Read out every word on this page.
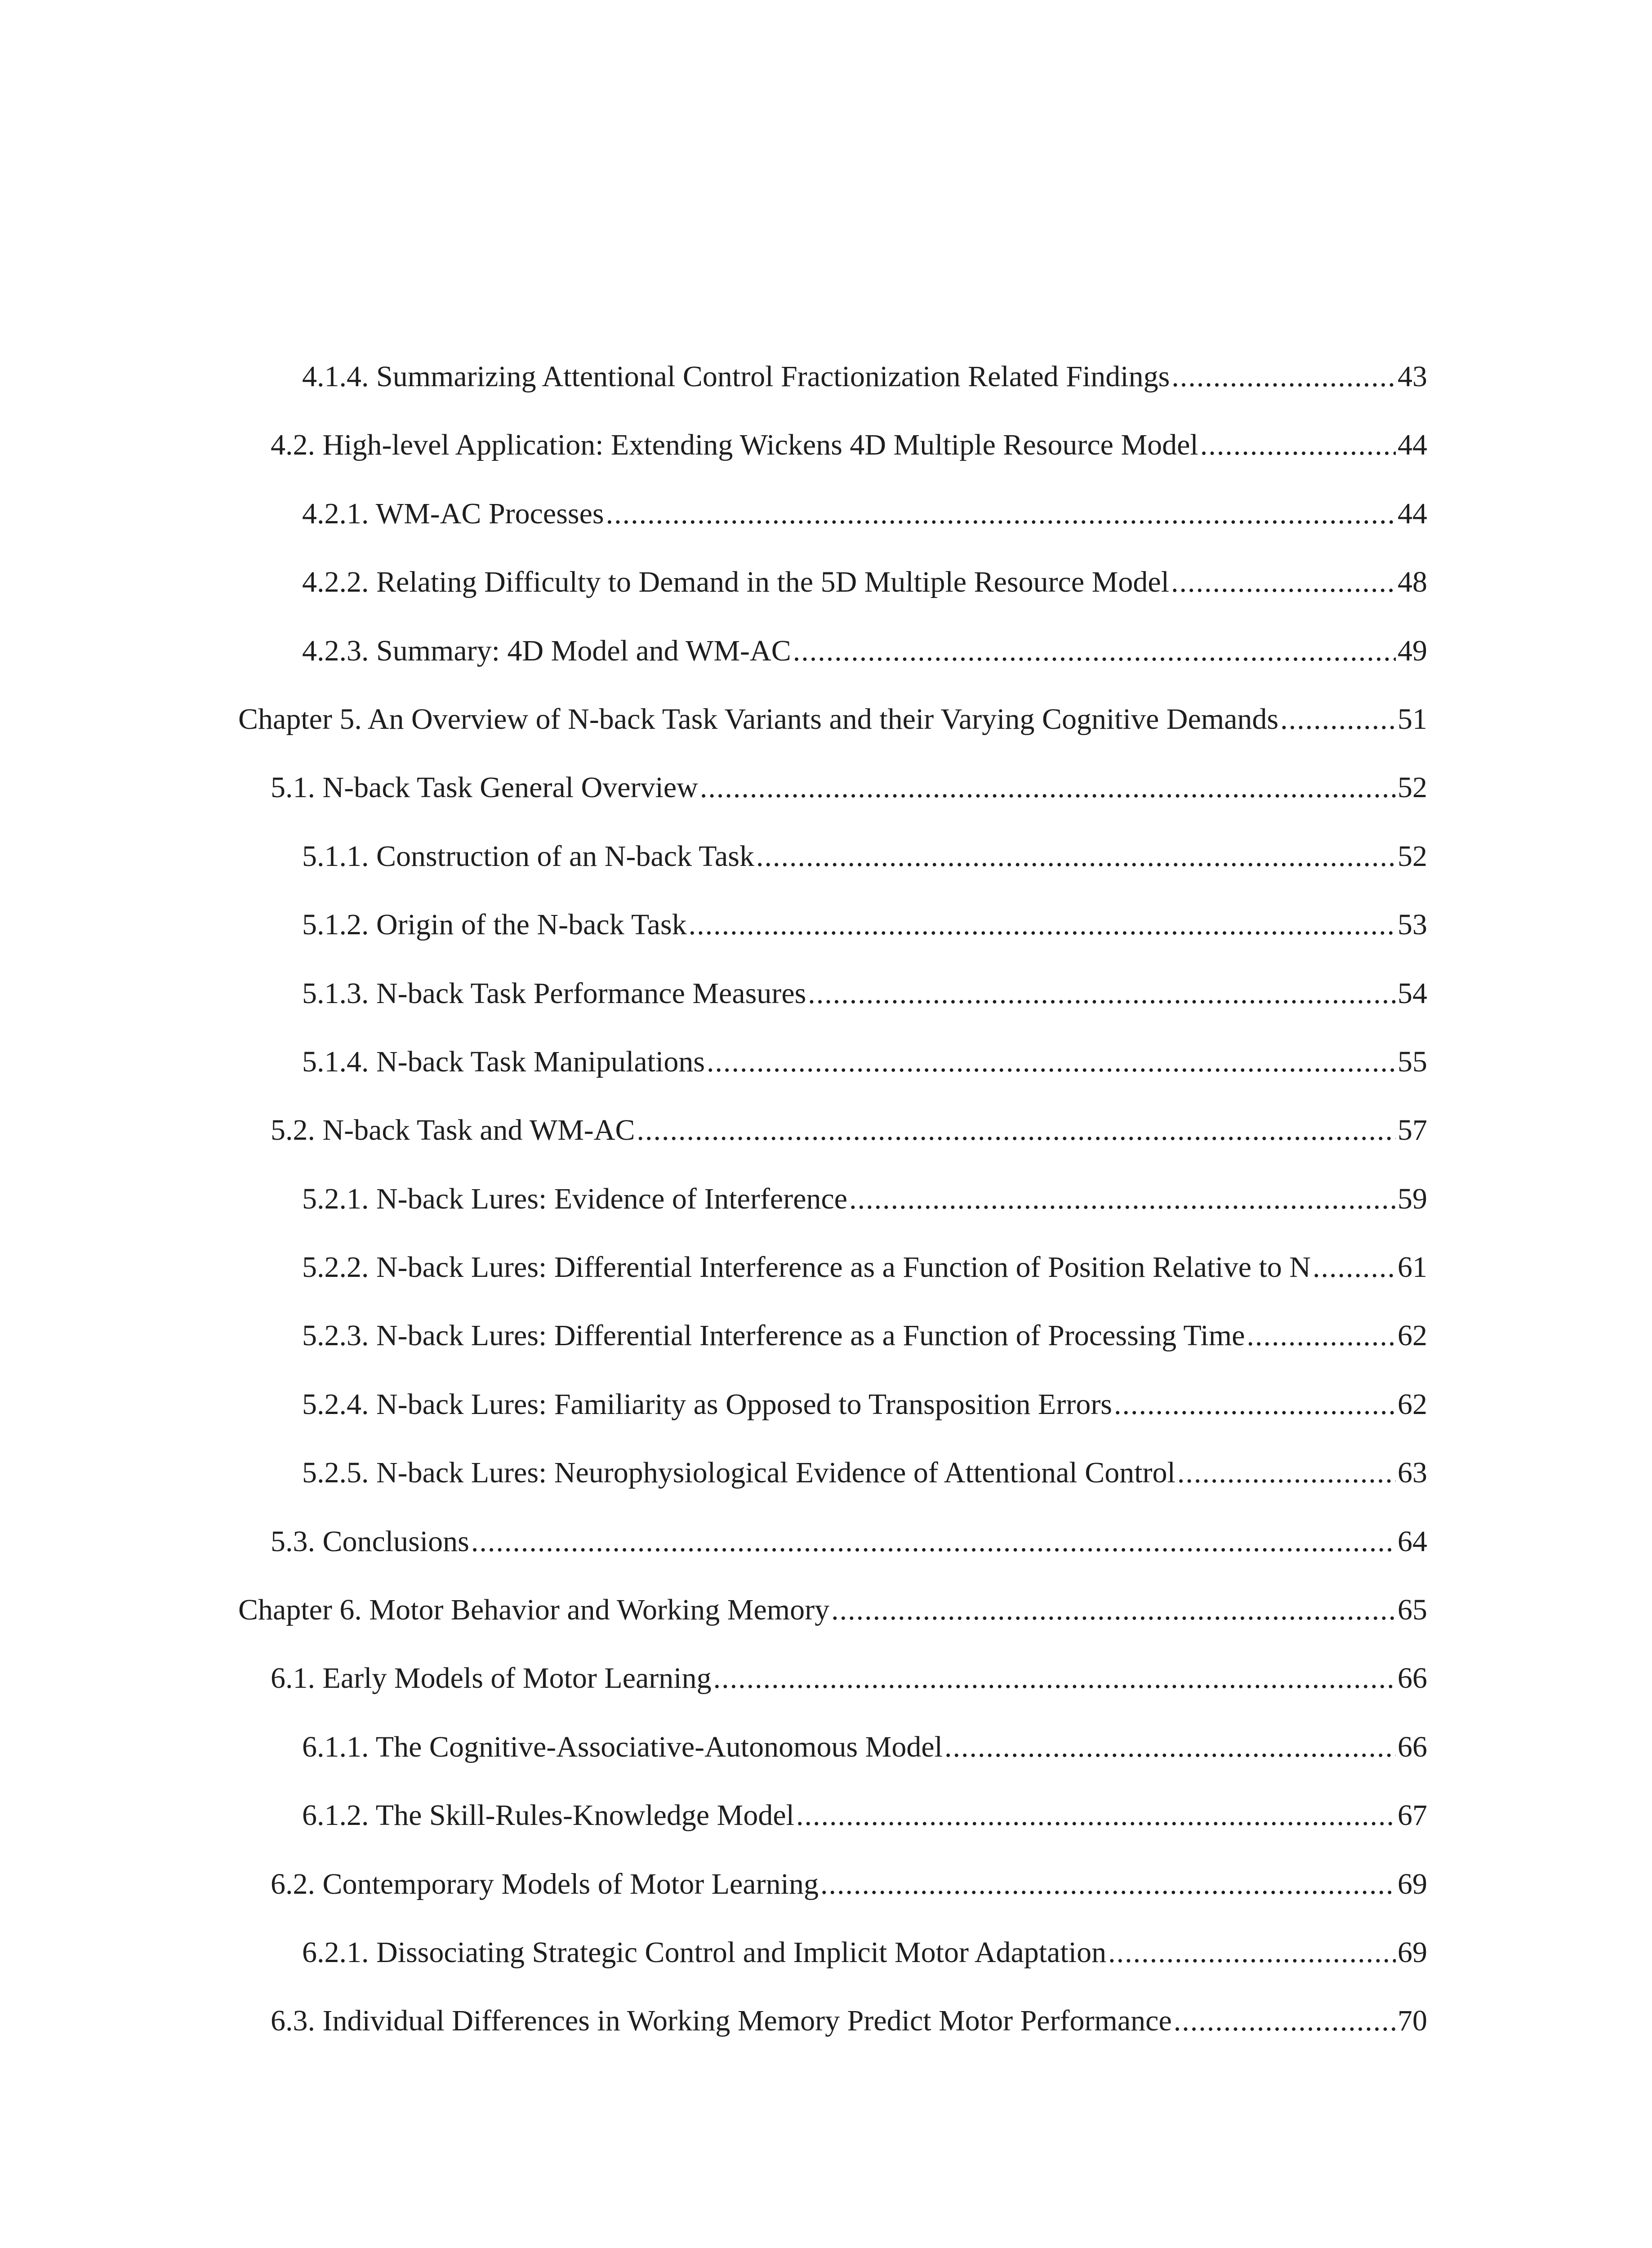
4.1.4. Summarizing Attentional Control Fractionization Related Findings .....	43
4.2. High-level Application: Extending Wickens 4D Multiple Resource Model .....	44
4.2.1. WM-AC Processes .....	44
4.2.2. Relating Difficulty to Demand in the 5D Multiple Resource Model .....	48
4.2.3. Summary: 4D Model and WM-AC .....	49
Chapter 5. An Overview of N-back Task Variants and their Varying Cognitive Demands .....	51
5.1. N-back Task General Overview .....	52
5.1.1. Construction of an N-back Task .....	52
5.1.2. Origin of the N-back Task .....	53
5.1.3. N-back Task Performance Measures .....	54
5.1.4. N-back Task Manipulations .....	55
5.2. N-back Task and WM-AC .....	57
5.2.1. N-back Lures: Evidence of Interference .....	59
5.2.2. N-back Lures: Differential Interference as a Function of Position Relative to N .....	61
5.2.3. N-back Lures: Differential Interference as a Function of Processing Time .....	62
5.2.4. N-back Lures: Familiarity as Opposed to Transposition Errors .....	62
5.2.5. N-back Lures: Neurophysiological Evidence of Attentional Control .....	63
5.3. Conclusions .....	64
Chapter 6. Motor Behavior and Working Memory .....	65
6.1. Early Models of Motor Learning .....	66
6.1.1. The Cognitive-Associative-Autonomous Model .....	66
6.1.2. The Skill-Rules-Knowledge Model .....	67
6.2. Contemporary Models of Motor Learning .....	69
6.2.1. Dissociating Strategic Control and Implicit Motor Adaptation .....	69
6.3. Individual Differences in Working Memory Predict Motor Performance .....	70
